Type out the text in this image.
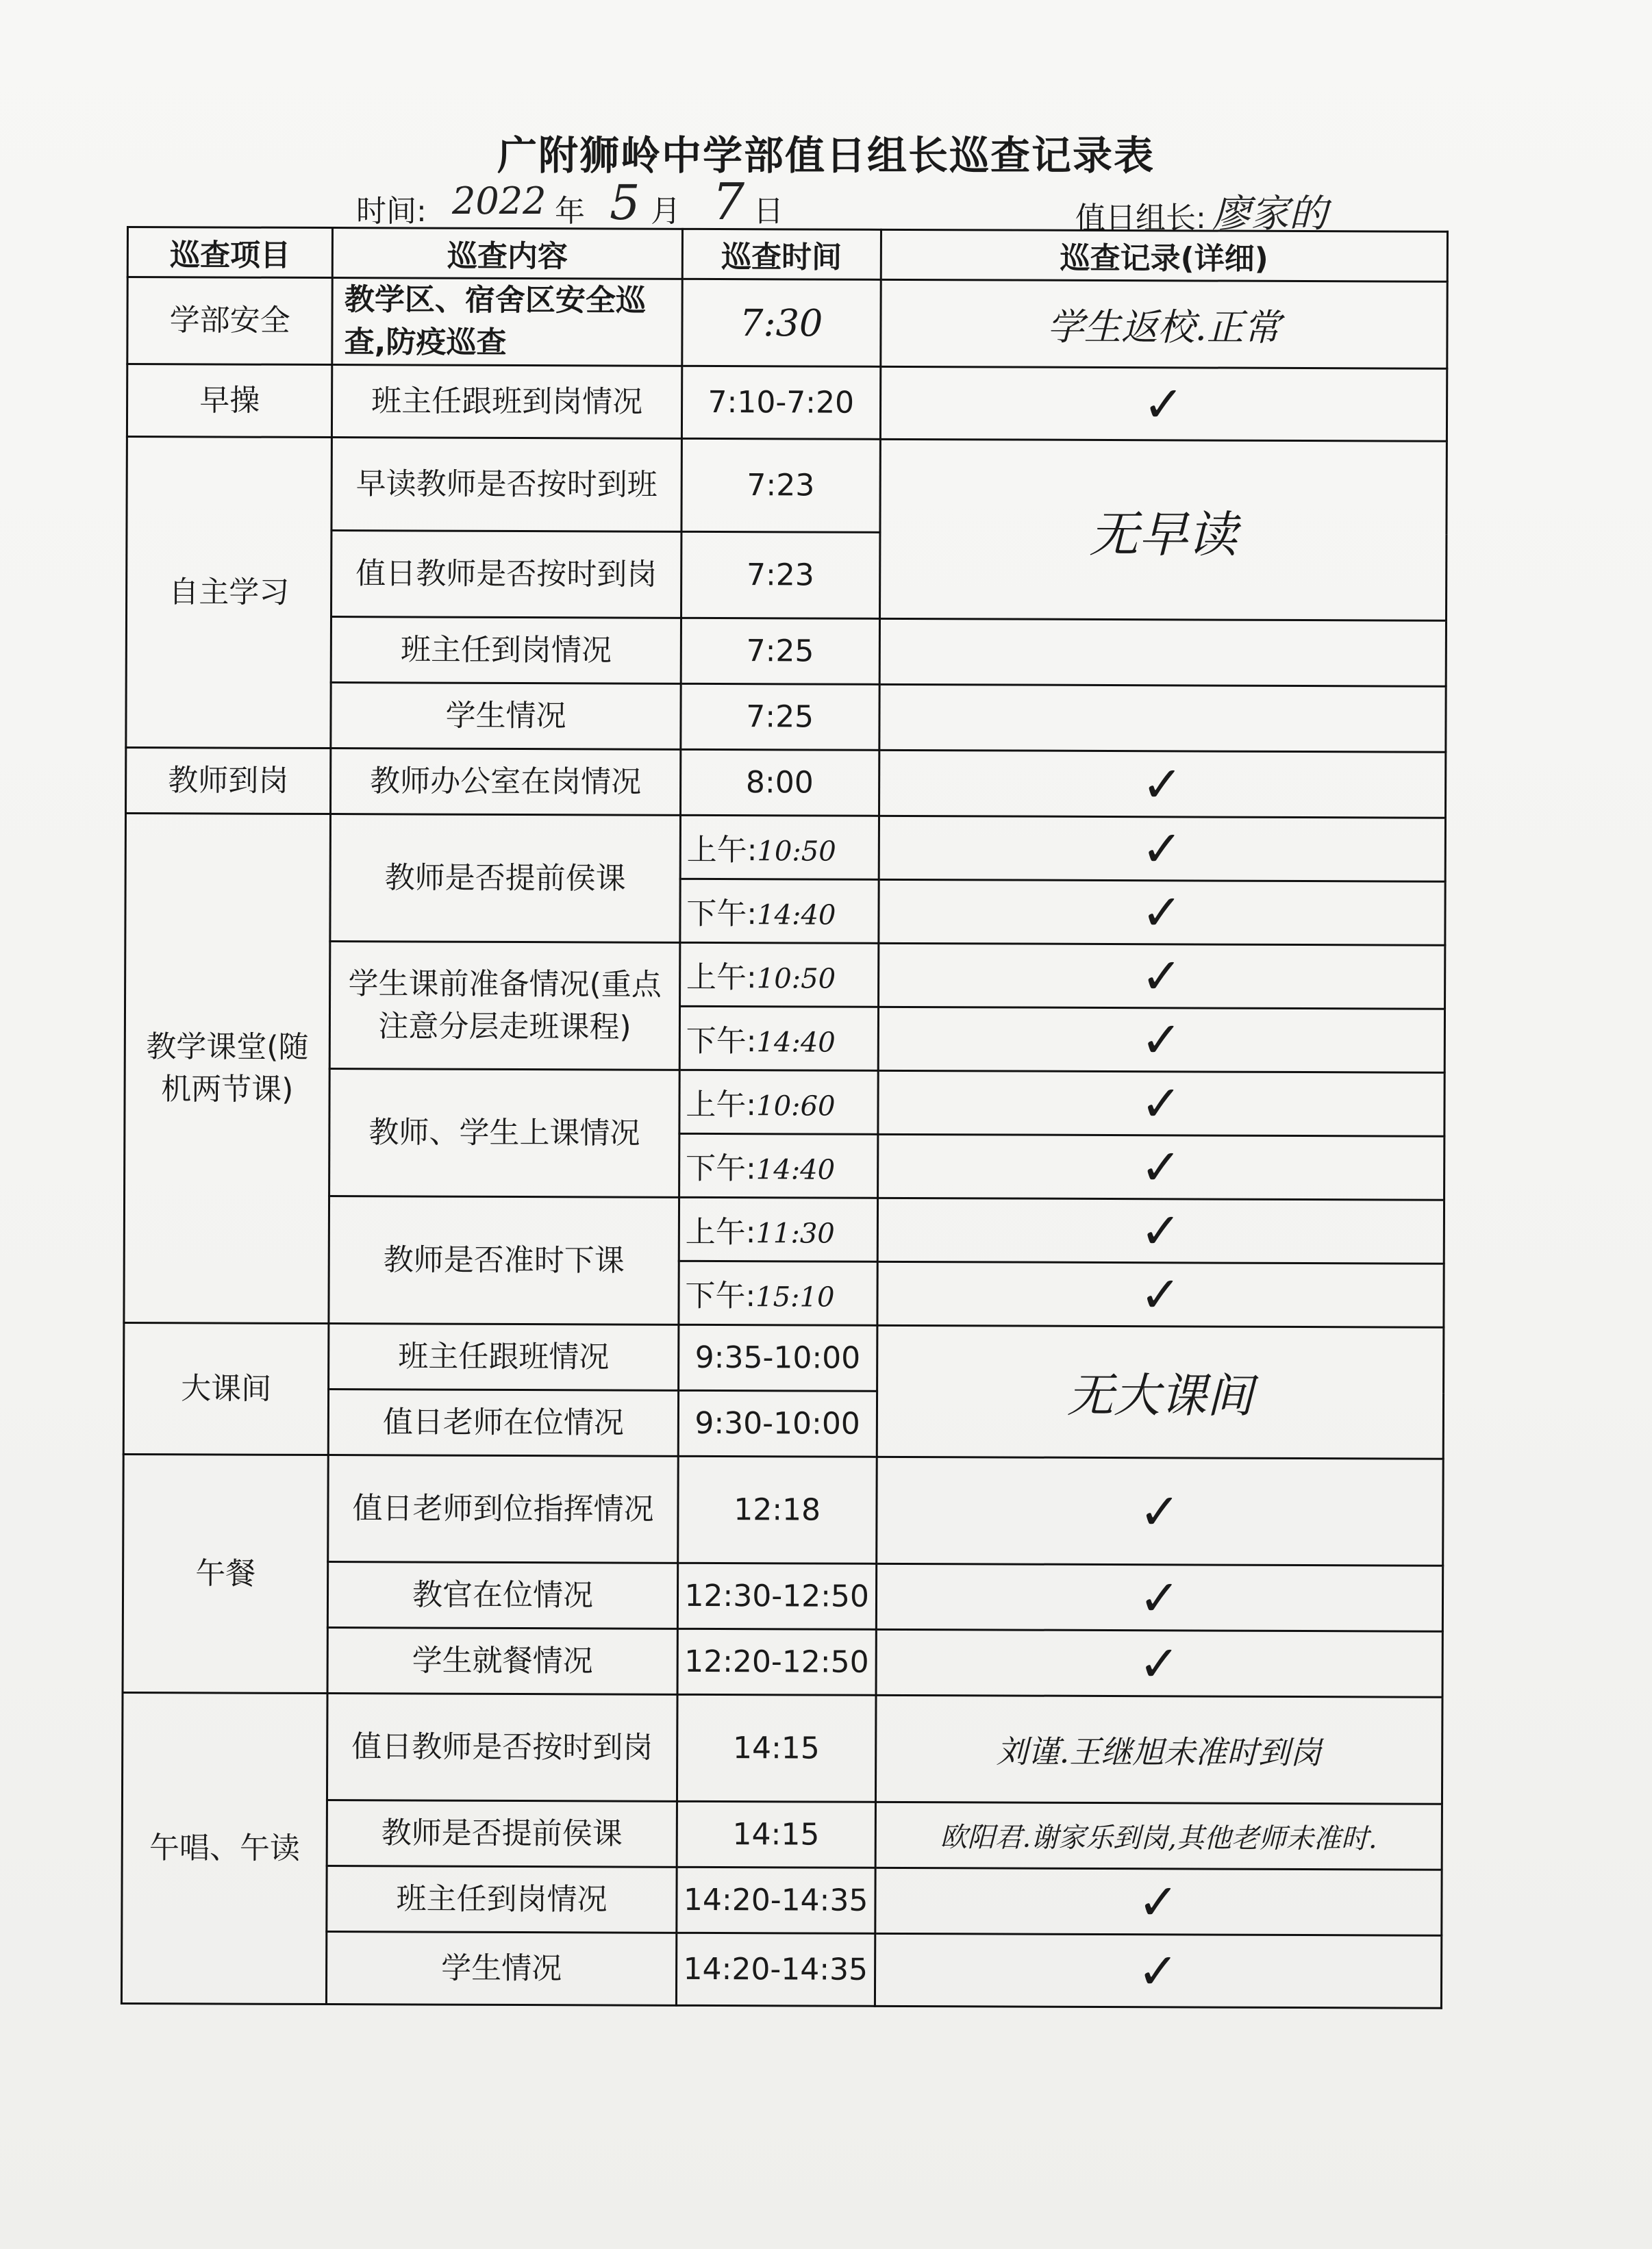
广附狮岭中学部值日组长巡查记录表
时间: 2022 年 5 月 7 日	值日组长: 廖家的
巡查项目	巡查内容	巡查时间	巡查记录(详细)
学部安全	教学区、宿舍区安全巡查,防疫巡查	7:30	学生返校.正常
早操	班主任跟班到岗情况	7:10-7:20	✓
自主学习	早读教师是否按时到班	7:23	无早读
	值日教师是否按时到岗	7:23	
	班主任到岗情况	7:25	
	学生情况	7:25	
教师到岗	教师办公室在岗情况	8:00	✓
教学课堂(随机两节课)	教师是否提前侯课	上午:10:50	✓
		下午:14:40	✓
	学生课前准备情况(重点注意分层走班课程)	上午:10:50	✓
		下午:14:40	✓
	教师、学生上课情况	上午:10:60	✓
		下午:14:40	✓
	教师是否准时下课	上午:11:30	✓
		下午:15:10	✓
大课间	班主任跟班情况	9:35-10:00	无大课间
	值日老师在位情况	9:30-10:00	
午餐	值日老师到位指挥情况	12:18	✓
	教官在位情况	12:30-12:50	✓
	学生就餐情况	12:20-12:50	✓
午唱、午读	值日教师是否按时到岗	14:15	刘谨.王继旭未准时到岗
	教师是否提前侯课	14:15	欧阳君.谢家乐到岗,其他老师未准时.
	班主任到岗情况	14:20-14:35	✓
	学生情况	14:20-14:35	✓
